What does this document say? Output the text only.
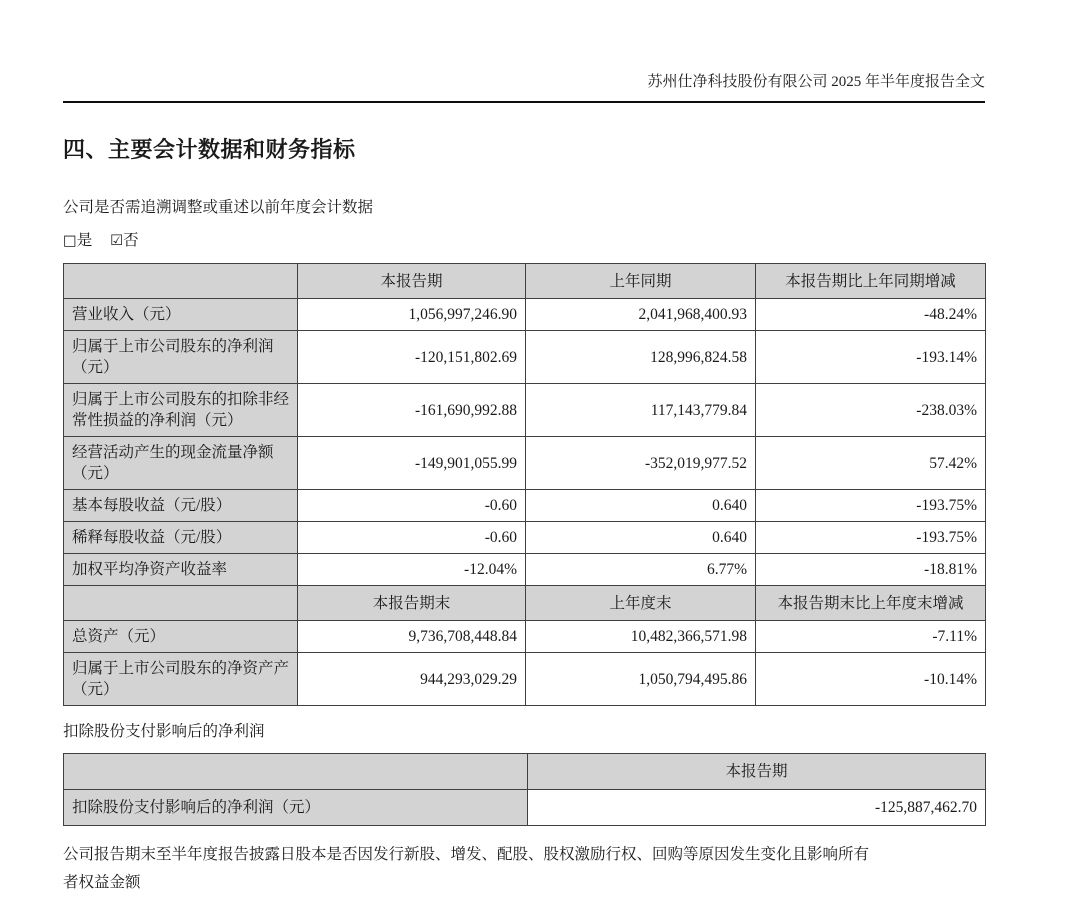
苏州仕净科技股份有限公司 2025 年半年度报告全文
四、主要会计数据和财务指标
公司是否需追溯调整或重述以前年度会计数据
□是 ☑否
	本报告期	上年同期	本报告期比上年同期增减
营业收入（元）	1,056,997,246.90	2,041,968,400.93	-48.24%
归属于上市公司股东的净利润（元）	-120,151,802.69	128,996,824.58	-193.14%
归属于上市公司股东的扣除非经常性损益的净利润（元）	-161,690,992.88	117,143,779.84	-238.03%
经营活动产生的现金流量净额（元）	-149,901,055.99	-352,019,977.52	57.42%
基本每股收益（元/股）	-0.60	0.640	-193.75%
稀释每股收益（元/股）	-0.60	0.640	-193.75%
加权平均净资产收益率	-12.04%	6.77%	-18.81%
	本报告期末	上年度末	本报告期末比上年度末增减
总资产（元）	9,736,708,448.84	10,482,366,571.98	-7.11%
归属于上市公司股东的净资产产（元）	944,293,029.29	1,050,794,495.86	-10.14%
扣除股份支付影响后的净利润
	本报告期
扣除股份支付影响后的净利润（元）	-125,887,462.70
公司报告期末至半年度报告披露日股本是否因发行新股、增发、配股、股权激励行权、回购等原因发生变化且影响所有
者权益金额
